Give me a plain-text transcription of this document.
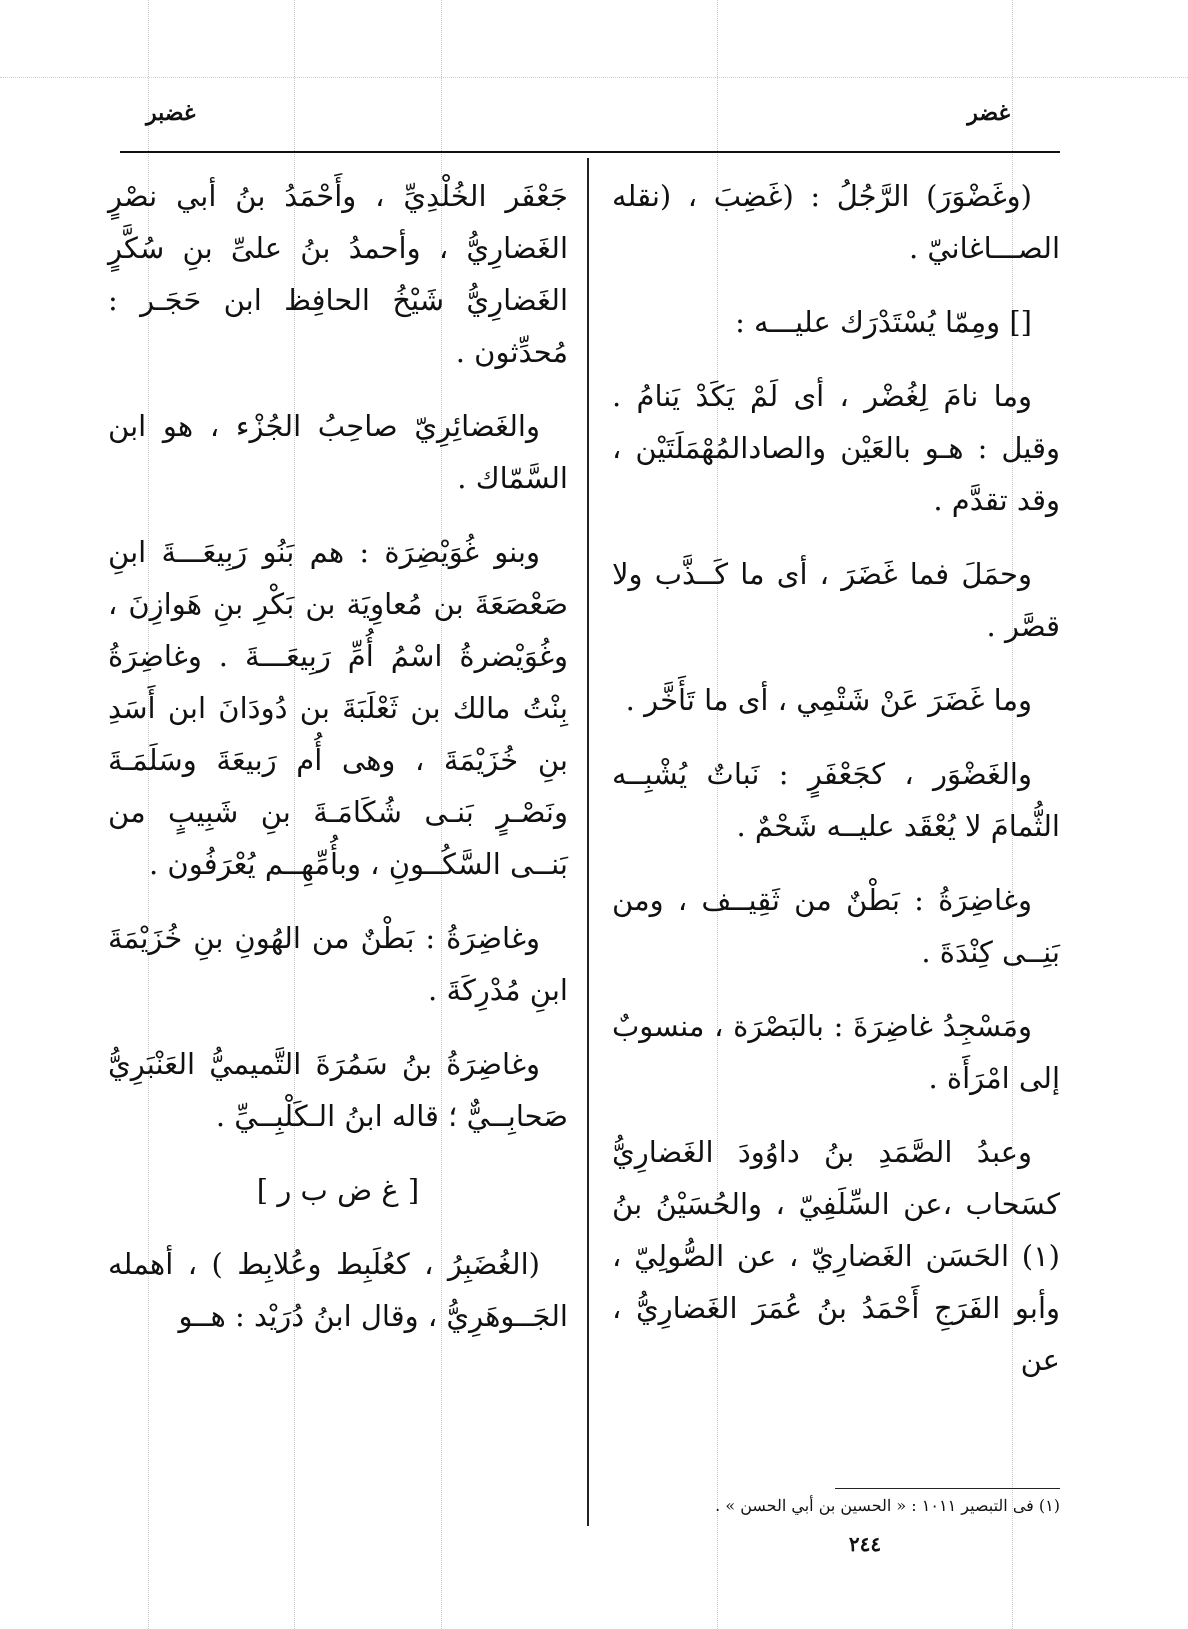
غضر
غضبر

(وغَضْوَرَ) الرَّجُلُ : (غَضِبَ ، (نقله الصـــاغانيّ .

[] ومِمّا يُسْتَدْرَك عليـــه :

وما نامَ لِغُضْر ، أى لَمْ يَكَدْ يَنامُ . وقيل : هـو بالعَيْن والصادالمُهْمَلَتَيْن ، وقد تقدَّم .

وحمَلَ فما غَضَرَ ، أى ما كَــذَّب ولا قصَّر .

وما غَضَرَ عَنْ شَتْمِي ، أى ما تَأَخَّر .

والغَضْوَر ، كجَعْفَرٍ : نَباتٌ يُشْبِــه الثُّمامَ لا يُعْقَد عليــه شَحْمٌ .

وغاضِرَةُ : بَطْنٌ من ثَقِيــف ، ومن بَنِــى كِنْدَةَ .

ومَسْجِدُ غاضِرَةَ : بالبَصْرَة ، منسوبٌ إلى امْرَأَة .

وعبدُ الصَّمَدِ بنُ داوُودَ الغَضارِيُّ كسَحاب ،عن السِّلَفِيّ ، والحُسَيْنُ بنُ (١) الحَسَن الغَضارِيّ ، عن الصُّولِيّ ، وأبو الفَرَجِ أَحْمَدُ بنُ عُمَرَ الغَضارِيُّ ، عن

جَعْفَر الخُلْدِيِّ ، وأَحْمَدُ بنُ أبي نصْرٍ الغَضارِيُّ ، وأحمدُ بنُ علىِّ بنِ سُكَّرٍ الغَضارِيُّ شَيْخُ الحافِظ ابن حَجَـر : مُحدِّثون .

والغَضائِرِيّ صاحِبُ الجُزْء ، هو ابن السَّمّاك .

وبنو غُوَيْضِرَة : هم بَنُو رَبِيعَـــةَ ابنِ صَعْصَعَةَ بن مُعاوِيَة بن بَكْرِ بنِ هَوازِنَ ، وغُوَيْضرةُ اسْمُ أُمِّ رَبِيعَـــةَ . وغاضِرَةُ بِنْتُ مالك بن ثَعْلَبَةَ بن دُودَانَ ابن أَسَدِ بنِ خُزَيْمَةَ ، وهى أُم رَبيعَةَ وسَلَمَـةَ ونَصْـرٍ بَنـى شُكَامَـةَ بنِ شَبِيبٍ من بَنــى السَّكُــونِ ، وبأُمِّهِــم يُعْرَفُون .

وغاضِرَةُ : بَطْنٌ من الهُونِ بنِ خُزَيْمَةَ ابنِ مُدْرِكَةَ .

وغاضِرَةُ بنُ سَمُرَةَ التَّميميُّ العَنْبَرِيُّ صَحابِــيٌّ ؛ قاله ابنُ الـكَلْبِــيِّ .

[ غ ض ب ر ]

(الغُضَبِرُ ، كعُلَبِط وعُلابِط ) ، أهمله الجَــوهَرِيُّ ، وقال ابنُ دُرَيْد : هــو

(١) فى التبصير ١٠١١ : « الحسين بن أبي الحسن » .
٢٤٤
